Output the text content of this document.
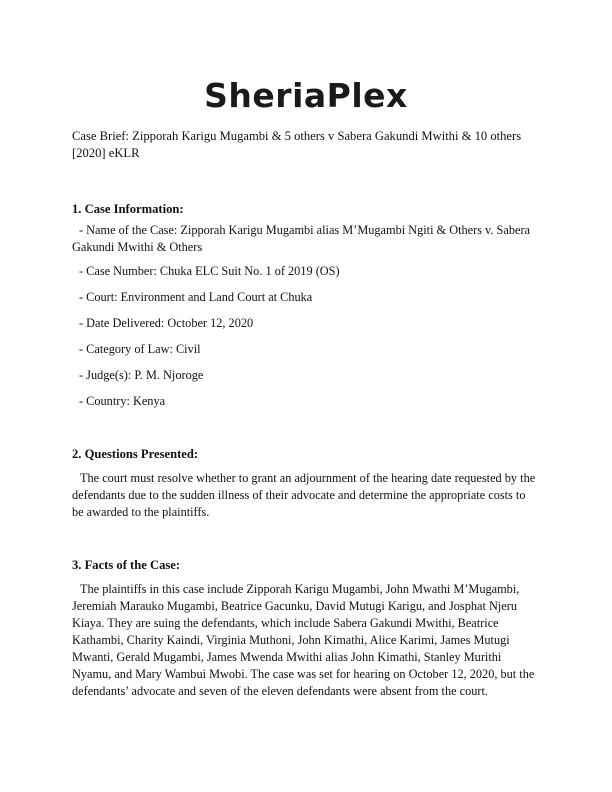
SheriaPlex

Case Brief: Zipporah Karigu Mugambi & 5 others v Sabera Gakundi Mwithi & 10 others [2020] eKLR

1. Case Information:

- Name of the Case: Zipporah Karigu Mugambi alias M’Mugambi Ngiti & Others v. Sabera Gakundi Mwithi & Others

- Case Number: Chuka ELC Suit No. 1 of 2019 (OS)

- Court: Environment and Land Court at Chuka

- Date Delivered: October 12, 2020

- Category of Law: Civil

- Judge(s): P. M. Njoroge

- Country: Kenya

2. Questions Presented:

The court must resolve whether to grant an adjournment of the hearing date requested by the defendants due to the sudden illness of their advocate and determine the appropriate costs to be awarded to the plaintiffs.

3. Facts of the Case:

The plaintiffs in this case include Zipporah Karigu Mugambi, John Mwathi M’Mugambi, Jeremiah Marauko Mugambi, Beatrice Gacunku, David Mutugi Karigu, and Josphat Njeru Kiaya. They are suing the defendants, which include Sabera Gakundi Mwithi, Beatrice Kathambi, Charity Kaindi, Virginia Muthoni, John Kimathi, Alice Karimi, James Mutugi Mwanti, Gerald Mugambi, James Mwenda Mwithi alias John Kimathi, Stanley Murithi Nyamu, and Mary Wambui Mwobi. The case was set for hearing on October 12, 2020, but the defendants’ advocate and seven of the eleven defendants were absent from the court.
